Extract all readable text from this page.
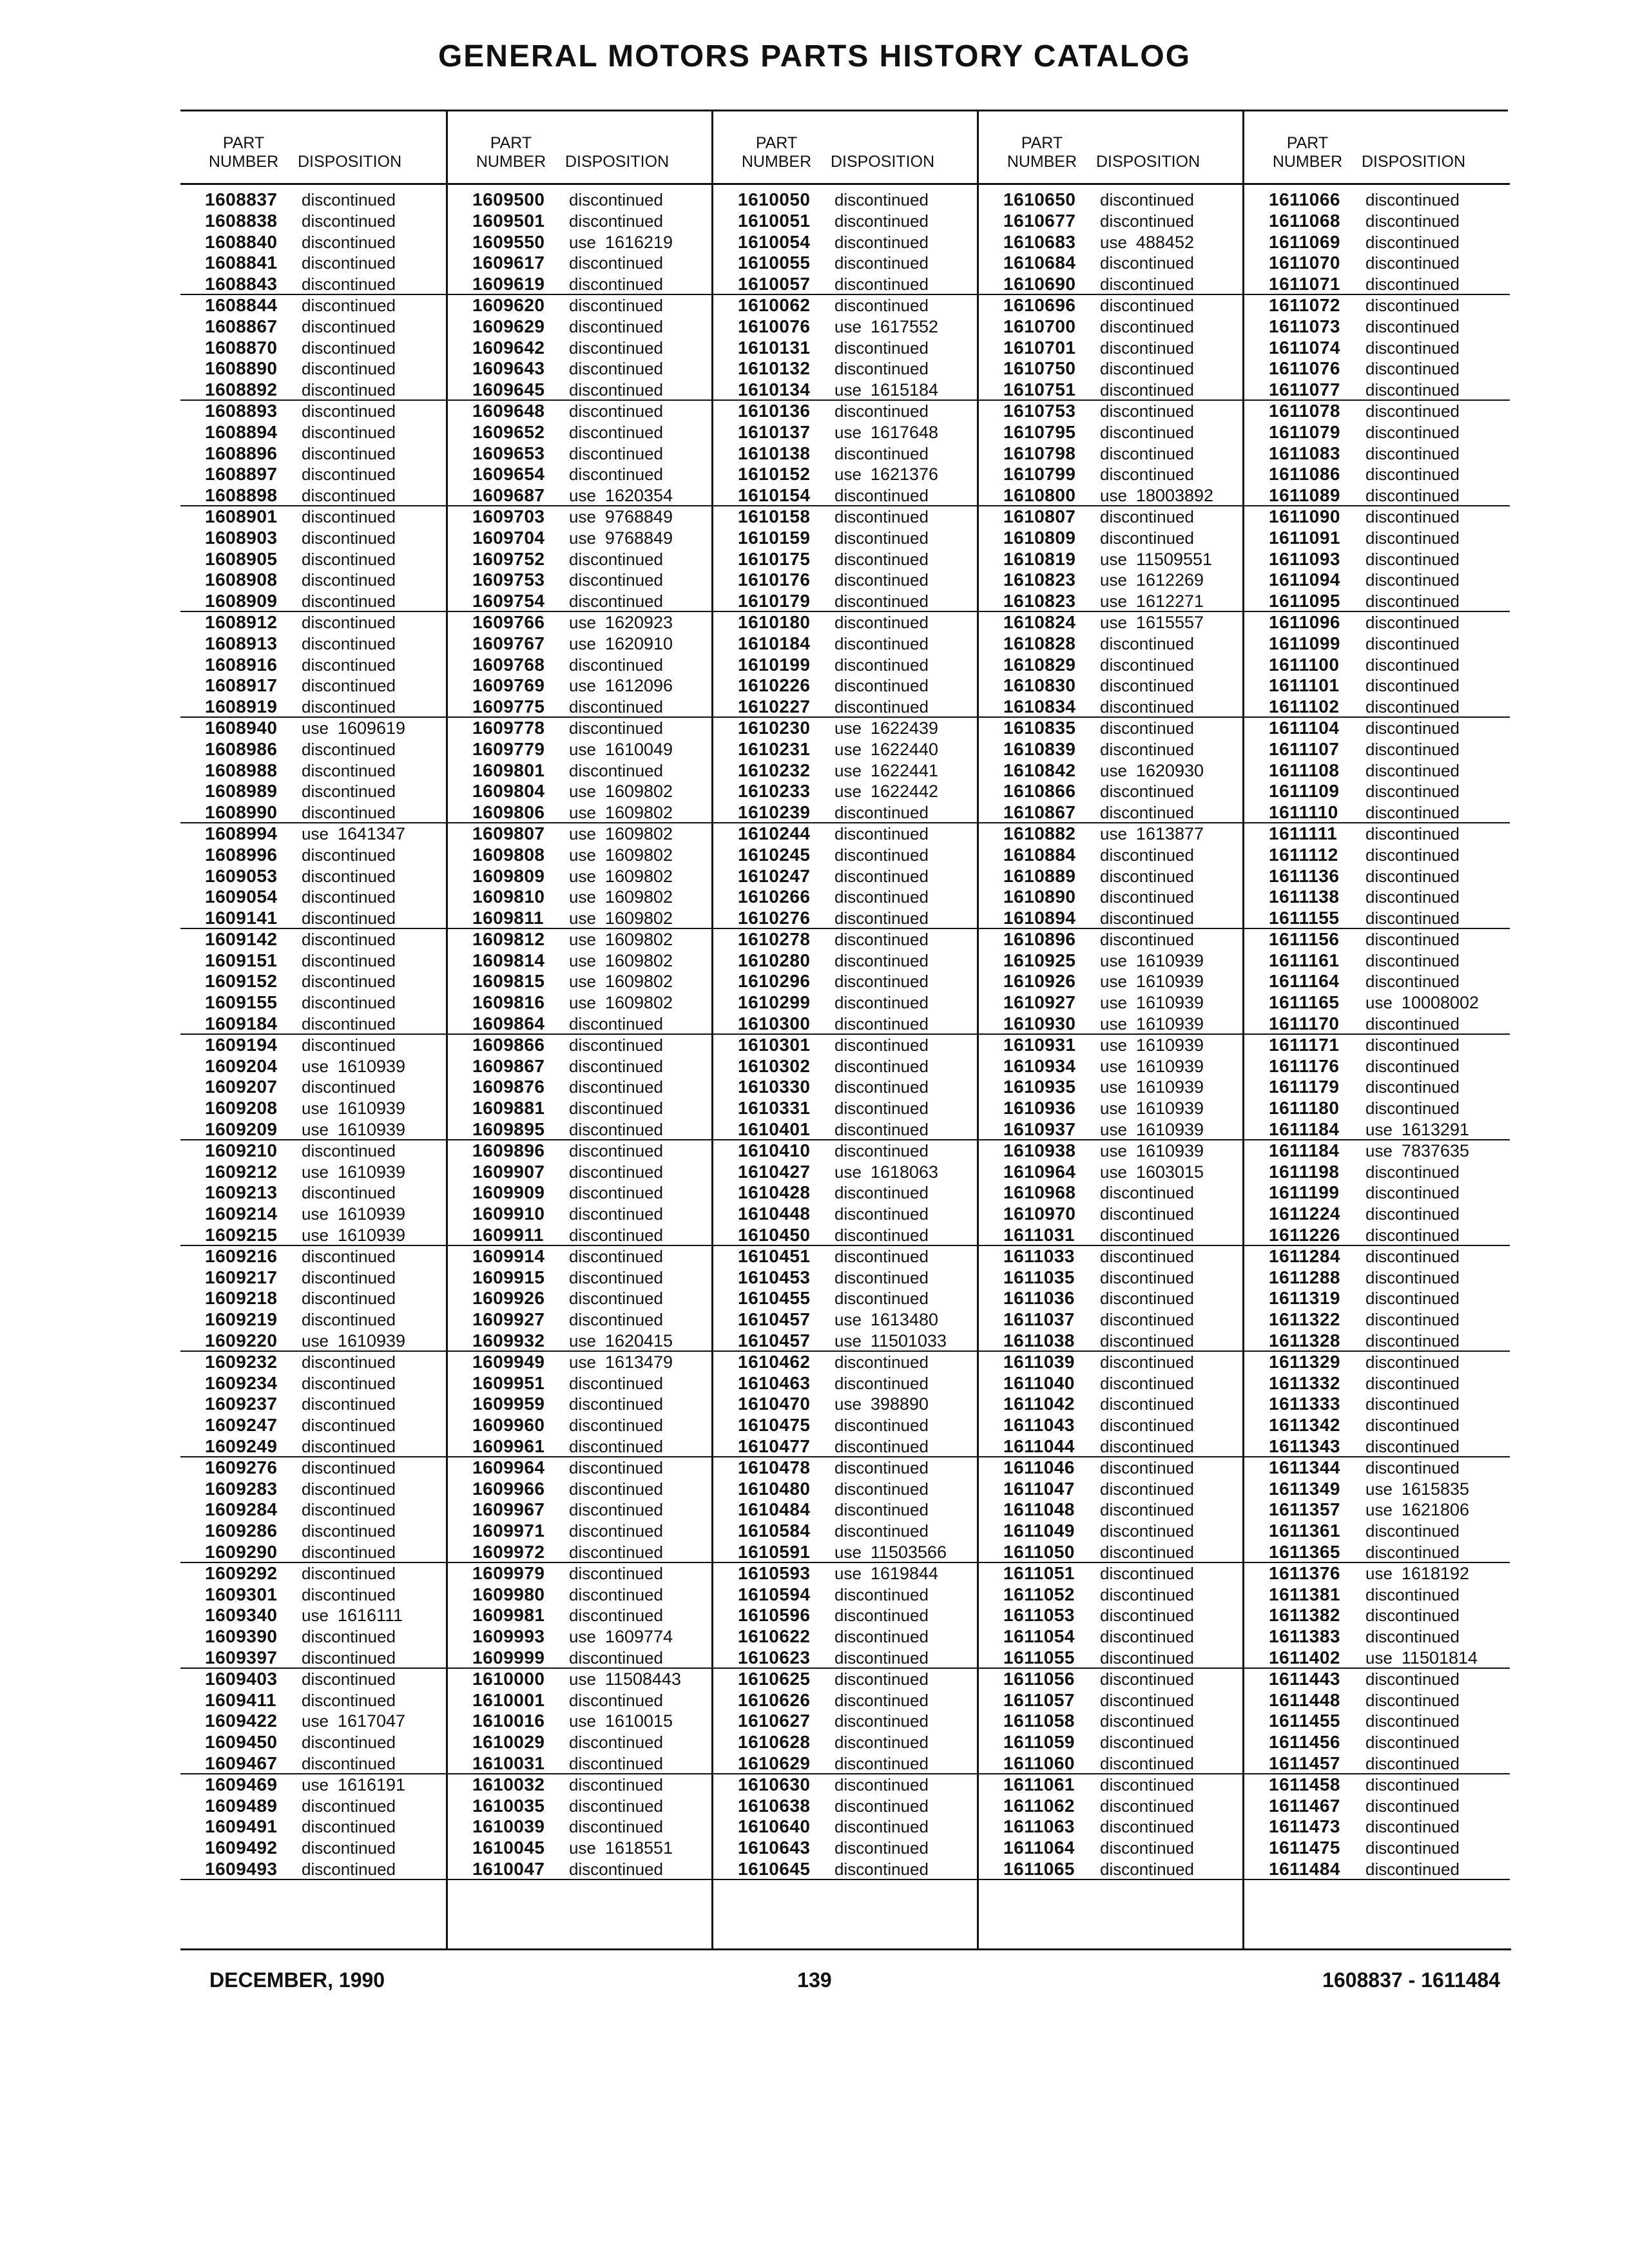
GENERAL MOTORS PARTS HISTORY CATALOG
PART
NUMBER DISPOSITION
1608837 discontinued
1608838 discontinued
1608840 discontinued
1608841 discontinued
1608843 discontinued
1608844 discontinued
1608867 discontinued
1608870 discontinued
1608890 discontinued
1608892 discontinued
1608893 discontinued
1608894 discontinued
1608896 discontinued
1608897 discontinued
1608898 discontinued
1608901 discontinued
1608903 discontinued
1608905 discontinued
1608908 discontinued
1608909 discontinued
1608912 discontinued
1608913 discontinued
1608916 discontinued
1608917 discontinued
1608919 discontinued
1608940 use 1609619
1608986 discontinued
1608988 discontinued
1608989 discontinued
1608990 discontinued
1608994 use 1641347
1608996 discontinued
1609053 discontinued
1609054 discontinued
1609141 discontinued
1609142 discontinued
1609151 discontinued
1609152 discontinued
1609155 discontinued
1609184 discontinued
1609194 discontinued
1609204 use 1610939
1609207 discontinued
1609208 use 1610939
1609209 use 1610939
1609210 discontinued
1609212 use 1610939
1609213 discontinued
1609214 use 1610939
1609215 use 1610939
1609216 discontinued
1609217 discontinued
1609218 discontinued
1609219 discontinued
1609220 use 1610939
1609232 discontinued
1609234 discontinued
1609237 discontinued
1609247 discontinued
1609249 discontinued
1609276 discontinued
1609283 discontinued
1609284 discontinued
1609286 discontinued
1609290 discontinued
1609292 discontinued
1609301 discontinued
1609340 use 1616111
1609390 discontinued
1609397 discontinued
1609403 discontinued
1609411 discontinued
1609422 use 1617047
1609450 discontinued
1609467 discontinued
1609469 use 1616191
1609489 discontinued
1609491 discontinued
1609492 discontinued
1609493 discontinued
PART
NUMBER DISPOSITION
1609500 discontinued
1609501 discontinued
1609550 use 1616219
1609617 discontinued
1609619 discontinued
1609620 discontinued
1609629 discontinued
1609642 discontinued
1609643 discontinued
1609645 discontinued
1609648 discontinued
1609652 discontinued
1609653 discontinued
1609654 discontinued
1609687 use 1620354
1609703 use 9768849
1609704 use 9768849
1609752 discontinued
1609753 discontinued
1609754 discontinued
1609766 use 1620923
1609767 use 1620910
1609768 discontinued
1609769 use 1612096
1609775 discontinued
1609778 discontinued
1609779 use 1610049
1609801 discontinued
1609804 use 1609802
1609806 use 1609802
1609807 use 1609802
1609808 use 1609802
1609809 use 1609802
1609810 use 1609802
1609811 use 1609802
1609812 use 1609802
1609814 use 1609802
1609815 use 1609802
1609816 use 1609802
1609864 discontinued
1609866 discontinued
1609867 discontinued
1609876 discontinued
1609881 discontinued
1609895 discontinued
1609896 discontinued
1609907 discontinued
1609909 discontinued
1609910 discontinued
1609911 discontinued
1609914 discontinued
1609915 discontinued
1609926 discontinued
1609927 discontinued
1609932 use 1620415
1609949 use 1613479
1609951 discontinued
1609959 discontinued
1609960 discontinued
1609961 discontinued
1609964 discontinued
1609966 discontinued
1609967 discontinued
1609971 discontinued
1609972 discontinued
1609979 discontinued
1609980 discontinued
1609981 discontinued
1609993 use 1609774
1609999 discontinued
1610000 use 11508443
1610001 discontinued
1610016 use 1610015
1610029 discontinued
1610031 discontinued
1610032 discontinued
1610035 discontinued
1610039 discontinued
1610045 use 1618551
1610047 discontinued
PART
NUMBER DISPOSITION
1610050 discontinued
1610051 discontinued
1610054 discontinued
1610055 discontinued
1610057 discontinued
1610062 discontinued
1610076 use 1617552
1610131 discontinued
1610132 discontinued
1610134 use 1615184
1610136 discontinued
1610137 use 1617648
1610138 discontinued
1610152 use 1621376
1610154 discontinued
1610158 discontinued
1610159 discontinued
1610175 discontinued
1610176 discontinued
1610179 discontinued
1610180 discontinued
1610184 discontinued
1610199 discontinued
1610226 discontinued
1610227 discontinued
1610230 use 1622439
1610231 use 1622440
1610232 use 1622441
1610233 use 1622442
1610239 discontinued
1610244 discontinued
1610245 discontinued
1610247 discontinued
1610266 discontinued
1610276 discontinued
1610278 discontinued
1610280 discontinued
1610296 discontinued
1610299 discontinued
1610300 discontinued
1610301 discontinued
1610302 discontinued
1610330 discontinued
1610331 discontinued
1610401 discontinued
1610410 discontinued
1610427 use 1618063
1610428 discontinued
1610448 discontinued
1610450 discontinued
1610451 discontinued
1610453 discontinued
1610455 discontinued
1610457 use 1613480
1610457 use 11501033
1610462 discontinued
1610463 discontinued
1610470 use 398890
1610475 discontinued
1610477 discontinued
1610478 discontinued
1610480 discontinued
1610484 discontinued
1610584 discontinued
1610591 use 11503566
1610593 use 1619844
1610594 discontinued
1610596 discontinued
1610622 discontinued
1610623 discontinued
1610625 discontinued
1610626 discontinued
1610627 discontinued
1610628 discontinued
1610629 discontinued
1610630 discontinued
1610638 discontinued
1610640 discontinued
1610643 discontinued
1610645 discontinued
PART
NUMBER DISPOSITION
1610650 discontinued
1610677 discontinued
1610683 use 488452
1610684 discontinued
1610690 discontinued
1610696 discontinued
1610700 discontinued
1610701 discontinued
1610750 discontinued
1610751 discontinued
1610753 discontinued
1610795 discontinued
1610798 discontinued
1610799 discontinued
1610800 use 18003892
1610807 discontinued
1610809 discontinued
1610819 use 11509551
1610823 use 1612269
1610823 use 1612271
1610824 use 1615557
1610828 discontinued
1610829 discontinued
1610830 discontinued
1610834 discontinued
1610835 discontinued
1610839 discontinued
1610842 use 1620930
1610866 discontinued
1610867 discontinued
1610882 use 1613877
1610884 discontinued
1610889 discontinued
1610890 discontinued
1610894 discontinued
1610896 discontinued
1610925 use 1610939
1610926 use 1610939
1610927 use 1610939
1610930 use 1610939
1610931 use 1610939
1610934 use 1610939
1610935 use 1610939
1610936 use 1610939
1610937 use 1610939
1610938 use 1610939
1610964 use 1603015
1610968 discontinued
1610970 discontinued
1611031 discontinued
1611033 discontinued
1611035 discontinued
1611036 discontinued
1611037 discontinued
1611038 discontinued
1611039 discontinued
1611040 discontinued
1611042 discontinued
1611043 discontinued
1611044 discontinued
1611046 discontinued
1611047 discontinued
1611048 discontinued
1611049 discontinued
1611050 discontinued
1611051 discontinued
1611052 discontinued
1611053 discontinued
1611054 discontinued
1611055 discontinued
1611056 discontinued
1611057 discontinued
1611058 discontinued
1611059 discontinued
1611060 discontinued
1611061 discontinued
1611062 discontinued
1611063 discontinued
1611064 discontinued
1611065 discontinued
PART
NUMBER DISPOSITION
1611066 discontinued
1611068 discontinued
1611069 discontinued
1611070 discontinued
1611071 discontinued
1611072 discontinued
1611073 discontinued
1611074 discontinued
1611076 discontinued
1611077 discontinued
1611078 discontinued
1611079 discontinued
1611083 discontinued
1611086 discontinued
1611089 discontinued
1611090 discontinued
1611091 discontinued
1611093 discontinued
1611094 discontinued
1611095 discontinued
1611096 discontinued
1611099 discontinued
1611100 discontinued
1611101 discontinued
1611102 discontinued
1611104 discontinued
1611107 discontinued
1611108 discontinued
1611109 discontinued
1611110 discontinued
1611111 discontinued
1611112 discontinued
1611136 discontinued
1611138 discontinued
1611155 discontinued
1611156 discontinued
1611161 discontinued
1611164 discontinued
1611165 use 10008002
1611170 discontinued
1611171 discontinued
1611176 discontinued
1611179 discontinued
1611180 discontinued
1611184 use 1613291
1611184 use 7837635
1611198 discontinued
1611199 discontinued
1611224 discontinued
1611226 discontinued
1611284 discontinued
1611288 discontinued
1611319 discontinued
1611322 discontinued
1611328 discontinued
1611329 discontinued
1611332 discontinued
1611333 discontinued
1611342 discontinued
1611343 discontinued
1611344 discontinued
1611349 use 1615835
1611357 use 1621806
1611361 discontinued
1611365 discontinued
1611376 use 1618192
1611381 discontinued
1611382 discontinued
1611383 discontinued
1611402 use 11501814
1611443 discontinued
1611448 discontinued
1611455 discontinued
1611456 discontinued
1611457 discontinued
1611458 discontinued
1611467 discontinued
1611473 discontinued
1611475 discontinued
1611484 discontinued
DECEMBER, 1990	139	1608837 - 1611484
